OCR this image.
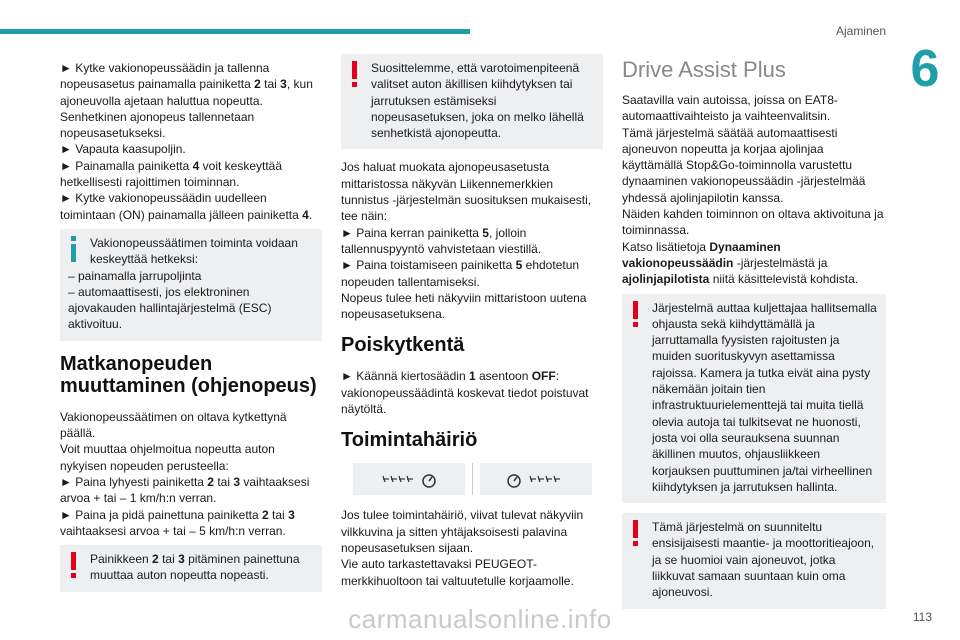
Ajaminen
6

► Kytke vakionopeussäädin ja tallenna nopeusasetus painamalla painiketta 2 tai 3, kun ajoneuvolla ajetaan haluttua nopeutta.
Senhetkinen ajonopeus tallennetaan nopeusasetukseksi.
► Vapauta kaasupoljin.
► Painamalla painiketta 4 voit keskeyttää hetkellisesti rajoittimen toiminnan.
► Kytke vakionopeussäädin uudelleen toimintaan (ON) painamalla jälleen painiketta 4.

Vakionopeussäätimen toiminta voidaan keskeyttää hetkeksi:
– painamalla jarrupoljinta
– automaattisesti, jos elektroninen ajovakauden hallintajärjestelmä (ESC) aktivoituu.
Matkanopeuden muuttaminen (ohjenopeus)

Vakionopeussäätimen on oltava kytkettynä päällä.
Voit muuttaa ohjelmoitua nopeutta auton nykyisen nopeuden perusteella:
► Paina lyhyesti painiketta 2 tai 3 vaihtaaksesi arvoa + tai – 1 km/h:n verran.
► Paina ja pidä painettuna painiketta 2 tai 3 vaihtaaksesi arvoa + tai – 5 km/h:n verran.

Painikkeen 2 tai 3 pitäminen painettuna muuttaa auton nopeutta nopeasti.
Suosittelemme, että varotoimenpiteenä valitset auton äkillisen kiihdytyksen tai jarrutuksen estämiseksi nopeusasetuksen, joka on melko lähellä senhetkistä ajonopeutta.

Jos haluat muokata ajonopeusasetusta mittaristossa näkyvän Liikennemerkkien tunnistus -järjestelmän suosituksen mukaisesti, tee näin:
► Paina kerran painiketta 5, jolloin tallennuspyyntö vahvistetaan viestillä.
► Paina toistamiseen painiketta 5 ehdotetun nopeuden tallentamiseksi.
Nopeus tulee heti näkyviin mittaristoon uutena nopeusasetuksena.

Poiskytkentä

► Käännä kiertosäädin 1 asentoon OFF: vakionopeussäädintä koskevat tiedot poistuvat näytöltä.

Toimintahäiriö

Jos tulee toimintahäiriö, viivat tulevat näkyviin vilkkuvina ja sitten yhtäjaksoisesti palavina nopeusasetuksen sijaan.
Vie auto tarkastettavaksi PEUGEOT-merkkihuoltoon tai valtuutetulle korjaamolle.

Drive Assist Plus

Saatavilla vain autoissa, joissa on EAT8-automaattivaihteisto ja vaihteenvalitsin.
Tämä järjestelmä säätää automaattisesti ajoneuvon nopeutta ja korjaa ajolinjaa käyttämällä Stop&Go-toiminnolla varustettu dynaaminen vakionopeussäädin -järjestelmää yhdessä ajolinjapilotin kanssa.
Näiden kahden toiminnon on oltava aktivoituna ja toiminnassa.
Katso lisätietoja Dynaaminen vakionopeussäädin -järjestelmästä ja ajolinjapilotista niitä käsittelevistä kohdista.

Järjestelmä auttaa kuljettajaa hallitsemalla ohjausta sekä kiihdyttämällä ja jarruttamalla fyysisten rajoitusten ja muiden suorituskyvyn asettamissa rajoissa. Kamera ja tutka eivät aina pysty näkemään joitain tien infrastruktuurielementtejä tai muita tiellä olevia autoja tai tulkitsevat ne huonosti, josta voi olla seurauksena suunnan äkillinen muutos, ohjausliikkeen korjauksen puuttuminen ja/tai virheellinen kiihdytyksen ja jarrutuksen hallinta.
Tämä järjestelmä on suunniteltu ensisijaisesti maantie- ja moottoritieajoon, ja se huomioi vain ajoneuvot, jotka liikkuvat samaan suuntaan kuin oma ajoneuvosi.
carmanualsonline.info	113
